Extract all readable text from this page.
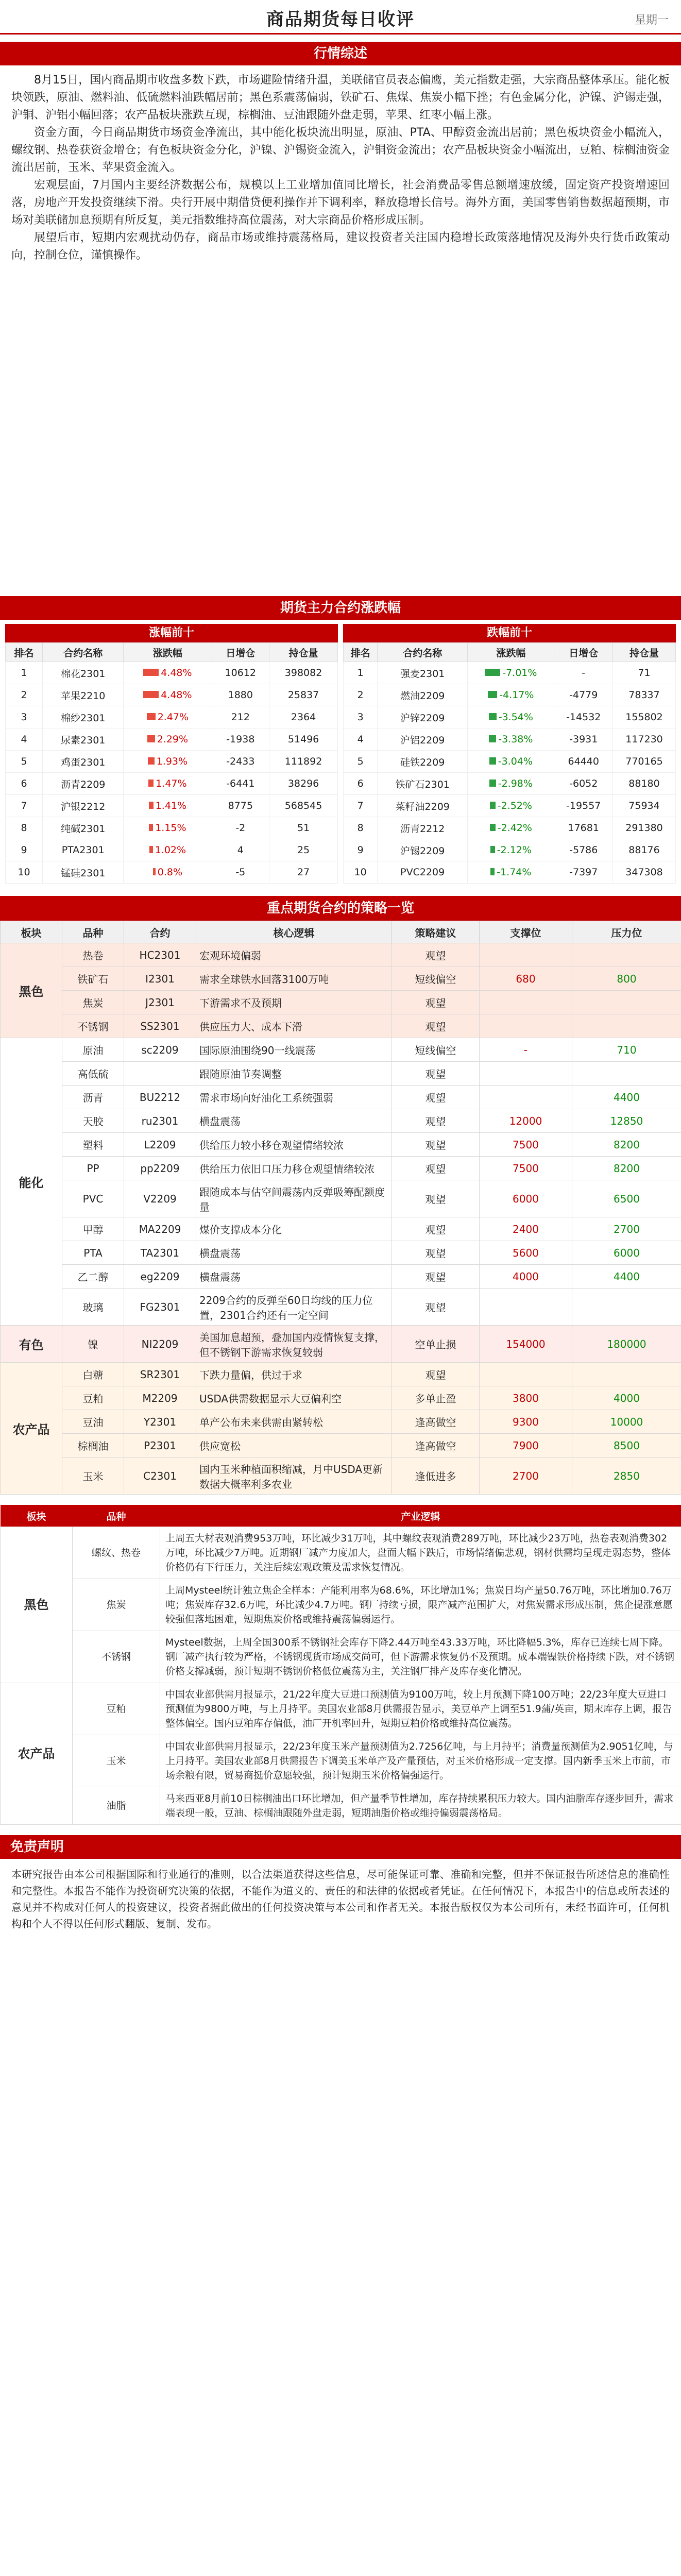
商品期货每日收评	星期一
行情综述

8月15日，国内商品期市收盘多数下跌，市场避险情绪升温，美联储官员表态偏鹰，美元指数走强，大宗商品整体承压。能化板块领跌，原油、燃料油、低硫燃料油跌幅居前；黑色系震荡偏弱，铁矿石、焦煤、焦炭小幅下挫；有色金属分化，沪镍、沪锡走强，沪铜、沪铝小幅回落；农产品板块涨跌互现，棕榈油、豆油跟随外盘走弱，苹果、红枣小幅上涨。

资金方面，今日商品期货市场资金净流出，其中能化板块流出明显，原油、PTA、甲醇资金流出居前；黑色板块资金小幅流入，螺纹钢、热卷获资金增仓；有色板块资金分化，沪镍、沪锡资金流入，沪铜资金流出；农产品板块资金小幅流出，豆粕、棕榈油资金流出居前，玉米、苹果资金流入。

宏观层面，7月国内主要经济数据公布，规模以上工业增加值同比增长，社会消费品零售总额增速放缓，固定资产投资增速回落，房地产开发投资继续下滑。央行开展中期借贷便利操作并下调利率，释放稳增长信号。海外方面，美国零售销售数据超预期，市场对美联储加息预期有所反复，美元指数维持高位震荡，对大宗商品价格形成压制。

展望后市，短期内宏观扰动仍存，商品市场或维持震荡格局，建议投资者关注国内稳增长政策落地情况及海外央行货币政策动向，控制仓位，谨慎操作。

期货主力合约涨跌幅
涨幅前十
排名	合约名称	涨跌幅	日增仓	持仓量
1	棉花2301	4.48%	10612	398082
2	苹果2210	4.48%	1880	25837
3	棉纱2301	2.47%	212	2364
4	尿素2301	2.29%	-1938	51496
5	鸡蛋2301	1.93%	-2433	111892
6	沥青2209	1.47%	-6441	38296
7	沪银2212	1.41%	8775	568545
8	纯碱2301	1.15%	-2	51
9	PTA2301	1.02%	4	25
10	锰硅2301	0.8%	-5	27
跌幅前十
排名	合约名称	涨跌幅	日增仓	持仓量
1	强麦2301	-7.01%	-	71
2	燃油2209	-4.17%	-4779	78337
3	沪锌2209	-3.54%	-14532	155802
4	沪铝2209	-3.38%	-3931	117230
5	硅铁2209	-3.04%	64440	770165
6	铁矿石2301	-2.98%	-6052	88180
7	菜籽油2209	-2.52%	-19557	75934
8	沥青2212	-2.42%	17681	291380
9	沪锡2209	-2.12%	-5786	88176
10	PVC2209	-1.74%	-7397	347308
重点期货合约的策略一览
板块	品种	合约	核心逻辑	策略建议	支撑位	压力位
黑色	热卷	HC2301	宏观环境偏弱	观望		
	铁矿石	I2301	需求全球铁水回落3100万吨	短线偏空	680	800
	焦炭	J2301	下游需求不及预期	观望		
	不锈钢	SS2301	供应压力大、成本下滑	观望		
能化	原油	sc2209	国际原油围绕90一线震荡	短线偏空	-	710
	高低硫		跟随原油节奏调整	观望		
	沥青	BU2212	需求市场向好油化工系统强弱	观望		4400
	天胶	ru2301	横盘震荡	观望	12000	12850
	塑料	L2209	供给压力较小移仓观望情绪较浓	观望	7500	8200
	PP	pp2209	供给压力依旧口压力移仓观望情绪较浓	观望	7500	8200
	PVC	V2209	跟随成本与估空间震荡内反弹吸筹配额度量	观望	6000	6500
	甲醇	MA2209	煤价支撑成本分化	观望	2400	2700
	PTA	TA2301	横盘震荡	观望	5600	6000
	乙二醇	eg2209	横盘震荡	观望	4000	4400
	玻璃	FG2301	2209合约的反弹至60日均线的压力位置，2301合约还有一定空间	观望		
有色	镍	NI2209	美国加息超预，叠加国内疫情恢复支撑，但不锈钢下游需求恢复较弱	空单止损	154000	180000
农产品	白糖	SR2301	下跌力量偏，供过于求	观望		
	豆粕	M2209	USDA供需数据显示大豆偏利空	多单止盈	3800	4000
	豆油	Y2301	单产公布未来供需由紧转松	逢高做空	9300	10000
	棕榈油	P2301	供应宽松	逢高做空	7900	8500
	玉米	C2301	国内玉米种植面积缩减，月中USDA更新数据大概率利多农业	逢低进多	2700	2850
板块	品种	产业逻辑
黑色	螺纹、热卷	上周五大材表观消费953万吨，环比减少31万吨，其中螺纹表观消费289万吨，环比减少23万吨，热卷表观消费302万吨，环比减少7万吨。近期钢厂减产力度加大，盘面大幅下跌后，市场情绪偏悲观，钢材供需均呈现走弱态势，整体价格仍有下行压力，关注后续宏观政策及需求恢复情况。
	焦炭	上周Mysteel统计独立焦企全样本：产能利用率为68.6%，环比增加1%；焦炭日均产量50.76万吨，环比增加0.76万吨；焦炭库存32.6万吨，环比减少4.7万吨。钢厂持续亏损，限产减产范围扩大，对焦炭需求形成压制，焦企提涨意愿较强但落地困难，短期焦炭价格或维持震荡偏弱运行。
	不锈钢	Mysteel数据，上周全国300系不锈钢社会库存下降2.44万吨至43.33万吨，环比降幅5.3%，库存已连续七周下降。钢厂减产执行较为严格，不锈钢现货市场成交尚可，但下游需求恢复仍不及预期。成本端镍铁价格持续下跌，对不锈钢价格支撑减弱，预计短期不锈钢价格低位震荡为主，关注钢厂排产及库存变化情况。
农产品	豆粕	中国农业部供需月报显示，21/22年度大豆进口预测值为9100万吨，较上月预测下降100万吨；22/23年度大豆进口预测值为9800万吨，与上月持平。美国农业部8月供需报告显示，美豆单产上调至51.9蒲/英亩，期末库存上调，报告整体偏空。国内豆粕库存偏低，油厂开机率回升，短期豆粕价格或维持高位震荡。
	玉米	中国农业部供需月报显示，22/23年度玉米产量预测值为2.7256亿吨，与上月持平；消费量预测值为2.9051亿吨，与上月持平。美国农业部8月供需报告下调美玉米单产及产量预估，对玉米价格形成一定支撑。国内新季玉米上市前，市场余粮有限，贸易商挺价意愿较强，预计短期玉米价格偏强运行。
	油脂	马来西亚8月前10日棕榈油出口环比增加，但产量季节性增加，库存持续累积压力较大。国内油脂库存逐步回升，需求端表现一般，豆油、棕榈油跟随外盘走弱，短期油脂价格或维持偏弱震荡格局。
免责声明
本研究报告由本公司根据国际和行业通行的准则，以合法渠道获得这些信息，尽可能保证可靠、准确和完整，但并不保证报告所述信息的准确性和完整性。本报告不能作为投资研究决策的依据，不能作为道义的、责任的和法律的依据或者凭证。在任何情况下，本报告中的信息或所表述的意见并不构成对任何人的投资建议，投资者据此做出的任何投资决策与本公司和作者无关。本报告版权仅为本公司所有，未经书面许可，任何机构和个人不得以任何形式翻版、复制、发布。
